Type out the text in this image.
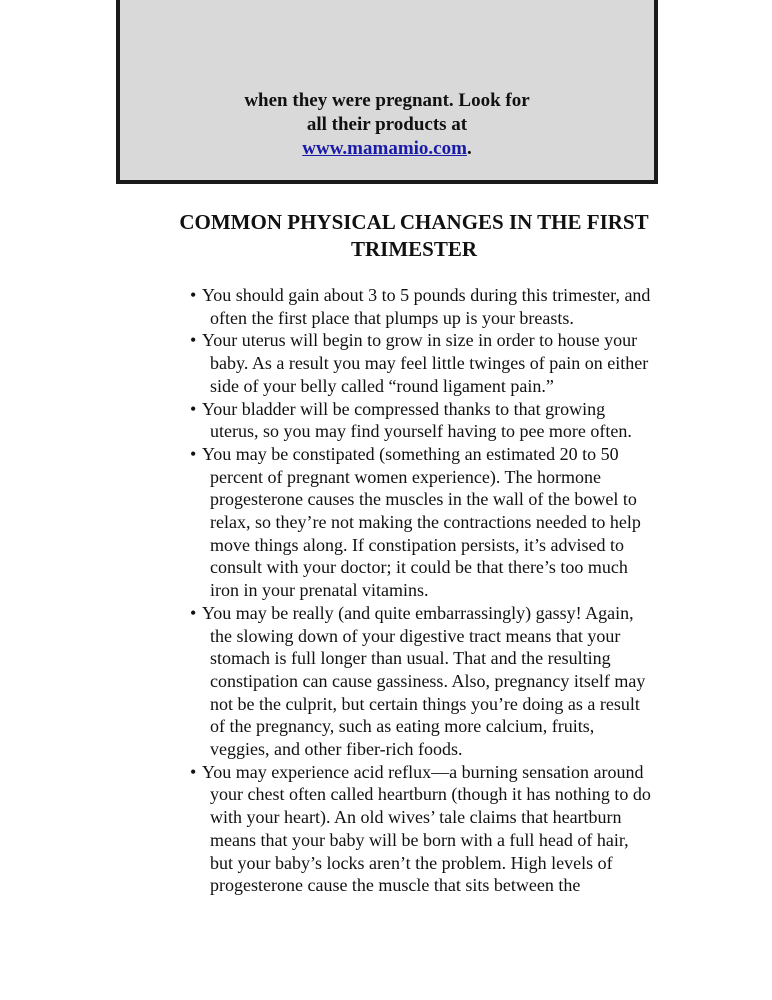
when they were pregnant. Look for
all their products at
www.mamamio.com.
COMMON PHYSICAL CHANGES IN THE FIRST
TRIMESTER
• You should gain about 3 to 5 pounds during this trimester, and
often the first place that plumps up is your breasts.
• Your uterus will begin to grow in size in order to house your
baby. As a result you may feel little twinges of pain on either
side of your belly called “round ligament pain.”
• Your bladder will be compressed thanks to that growing
uterus, so you may find yourself having to pee more often.
• You may be constipated (something an estimated 20 to 50
percent of pregnant women experience). The hormone
progesterone causes the muscles in the wall of the bowel to
relax, so they’re not making the contractions needed to help
move things along. If constipation persists, it’s advised to
consult with your doctor; it could be that there’s too much
iron in your prenatal vitamins.
• You may be really (and quite embarrassingly) gassy! Again,
the slowing down of your digestive tract means that your
stomach is full longer than usual. That and the resulting
constipation can cause gassiness. Also, pregnancy itself may
not be the culprit, but certain things you’re doing as a result
of the pregnancy, such as eating more calcium, fruits,
veggies, and other fiber-rich foods.
• You may experience acid reflux—a burning sensation around
your chest often called heartburn (though it has nothing to do
with your heart). An old wives’ tale claims that heartburn
means that your baby will be born with a full head of hair,
but your baby’s locks aren’t the problem. High levels of
progesterone cause the muscle that sits between the
